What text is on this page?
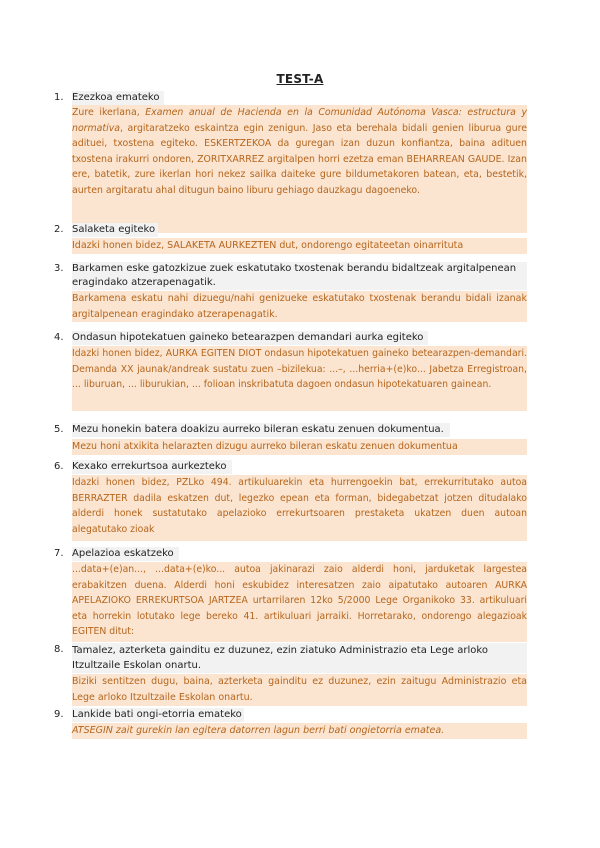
TEST-A
1. Ezezkoa emateko
Zure ikerlana, Examen anual de Hacienda en la Comunidad Autónoma Vasca: estructura y normativa, argitaratzeko eskaintza egin zenigun. Jaso eta berehala bidali genien liburua gure adituei, txostena egiteko. ESKERTZEKOA da guregan izan duzun konfiantza, baina adituen txostena irakurri ondoren, ZORITXARREZ argitalpen horri ezetza eman BEHARREAN GAUDE. Izan ere, batetik, zure ikerlan hori nekez sailka daiteke gure bildumetakoren batean, eta, bestetik, aurten argitaratu ahal ditugun baino liburu gehiago dauzkagu dagoeneko.
2. Salaketa egiteko
Idazki honen bidez, SALAKETA AURKEZTEN dut, ondorengo egitateetan oinarrituta
3. Barkamen eske gatozkizue zuek eskatutako txostenak berandu bidaltzeak argitalpenean eragindako atzerapenagatik.
Barkamena eskatu nahi dizuegu/nahi genizueke eskatutako txostenak berandu bidali izanak argitalpenean eragindako atzerapenagatik.
4. Ondasun hipotekatuen gaineko betearazpen demandari aurka egiteko
Idazki honen bidez, AURKA EGITEN DIOT ondasun hipotekatuen gaineko betearazpen-demandari. Demanda XX jaunak/andreak sustatu zuen –bizilekua: ...–, ...herria+(e)ko... Jabetza Erregistroan, ... liburuan, ... liburukian, ... folioan inskribatuta dagoen ondasun hipotekatuaren gainean.
5. Mezu honekin batera doakizu aurreko bileran eskatu zenuen dokumentua.
Mezu honi atxikita helarazten dizugu aurreko bileran eskatu zenuen dokumentua
6. Kexako errekurtsoa aurkezteko
Idazki honen bidez, PZLko 494. artikuluarekin eta hurrengoekin bat, errekurritutako autoa BERRAZTER dadila eskatzen dut, legezko epean eta forman, bidegabetzat jotzen ditudalako alderdi honek sustatutako apelazioko errekurtsoaren prestaketa ukatzen duen autoan alegatutako zioak
7. Apelazioa eskatzeko
...data+(e)an..., ...data+(e)ko... autoa jakinarazi zaio alderdi honi, jarduketak largestea erabakitzen duena. Alderdi honi eskubidez interesatzen zaio aipatutako autoaren AURKA APELAZIOKO ERREKURTSOA JARTZEA urtarrilaren 12ko 5/2000 Lege Organikoko 33. artikuluari eta horrekin lotutako lege bereko 41. artikuluari jarraiki. Horretarako, ondorengo alegazioak EGITEN ditut:
8. Tamalez, azterketa gainditu ez duzunez, ezin ziatuko Administrazio eta Lege arloko Itzultzaile Eskolan onartu.
Biziki sentitzen dugu, baina, azterketa gainditu ez duzunez, ezin zaitugu Administrazio eta Lege arloko Itzultzaile Eskolan onartu.
9. Lankide bati ongi-etorria emateko
ATSEGIN zait gurekin lan egitera datorren lagun berri bati ongietorria ematea.
